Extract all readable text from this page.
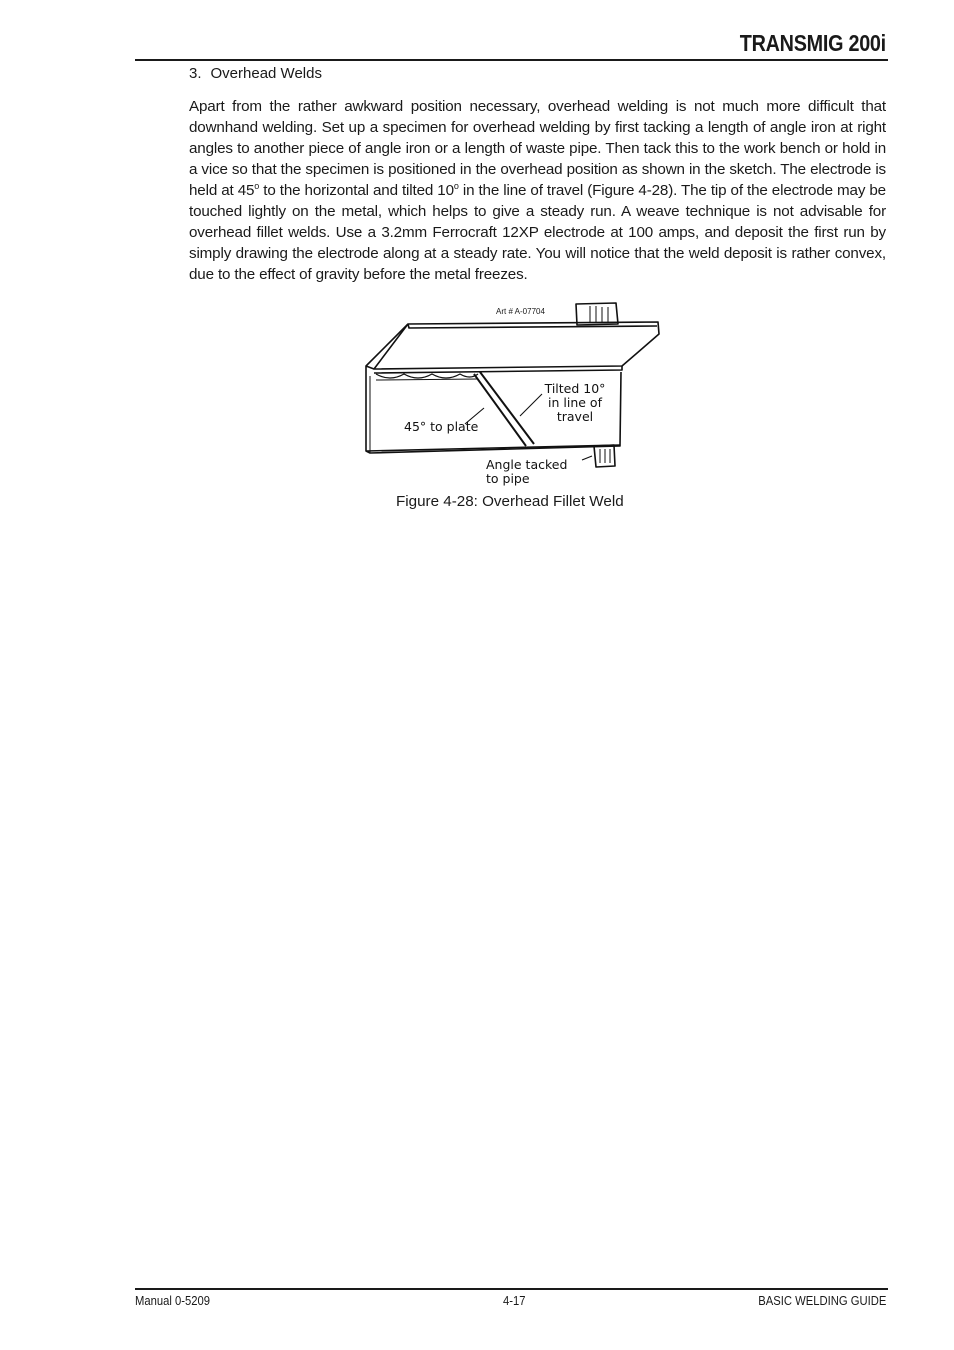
TRANSMIG 200i
3. Overhead Welds

Apart from the rather awkward position necessary, overhead welding is not much more difficult that downhand welding. Set up a specimen for overhead welding by first tacking a length of angle iron at right angles to another piece of angle iron or a length of waste pipe. Then tack this to the work bench or hold in a vice so that the specimen is positioned in the overhead position as shown in the sketch. The electrode is held at 45$^o$ to the horizontal and tilted 10$^o$ in the line of travel (Figure 4-28). The tip of the electrode may be touched lightly on the metal, which helps to give a steady run. A weave technique is not advisable for overhead fillet welds. Use a 3.2mm Ferrocraft 12XP electrode at 100 amps, and deposit the first run by simply drawing the electrode along at a steady rate. You will notice that the weld deposit is rather convex, due to the effect of gravity before the metal freezes.

Art # A-07704
Tilted 10°
in line of
travel
45° to plate
Angle tacked
to pipe
Figure 4-28: Overhead Fillet Weld
Manual 0-5209	4-17	BASIC WELDING GUIDE
